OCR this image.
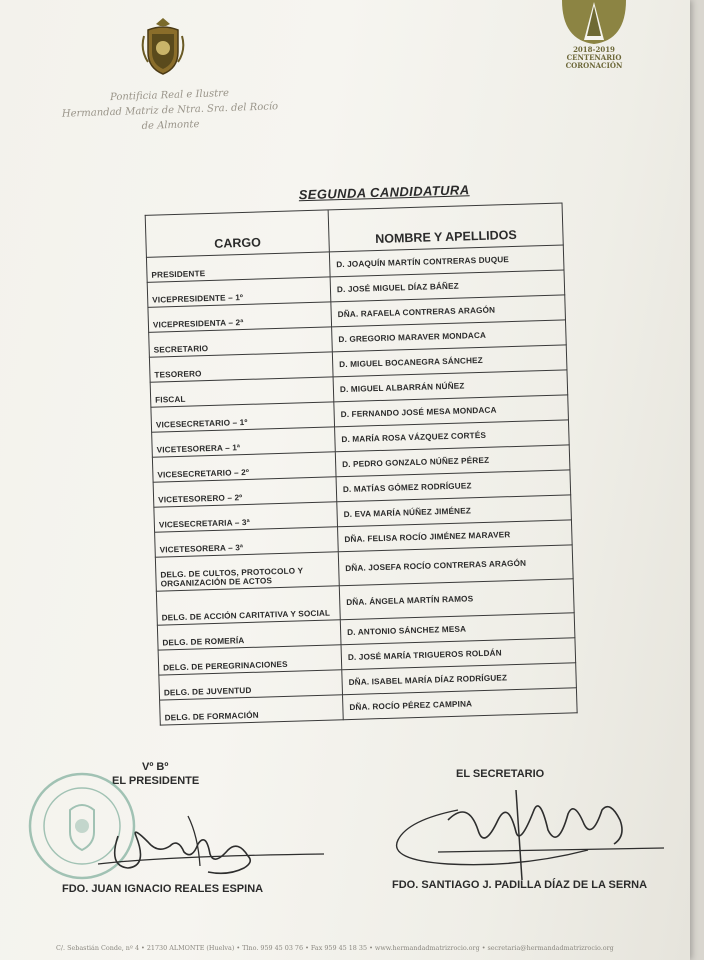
Pontificia Real e Ilustre
Hermandad Matriz de Ntra. Sra. del Rocío
de Almonte
2018-2019
CENTENARIO
CORONACIÓN
SEGUNDA CANDIDATURA
CARGO	NOMBRE Y APELLIDOS
PRESIDENTE	D. JOAQUÍN MARTÍN CONTRERAS DUQUE
VICEPRESIDENTE – 1º	D. JOSÉ MIGUEL DÍAZ BÁÑEZ
VICEPRESIDENTA – 2ª	DÑA. RAFAELA CONTRERAS ARAGÓN
SECRETARIO	D. GREGORIO MARAVER MONDACA
TESORERO	D. MIGUEL BOCANEGRA SÁNCHEZ
FISCAL	D. MIGUEL ALBARRÁN NÚÑEZ
VICESECRETARIO – 1º	D. FERNANDO JOSÉ MESA MONDACA
VICETESORERA – 1ª	D. MARÍA ROSA VÁZQUEZ CORTÉS
VICESECRETARIO – 2º	D. PEDRO GONZALO NÚÑEZ PÉREZ
VICETESORERO – 2º	D. MATÍAS GÓMEZ RODRÍGUEZ
VICESECRETARIA – 3ª	D. EVA MARÍA NÚÑEZ JIMÉNEZ
VICETESORERA – 3ª	DÑA. FELISA ROCÍO JIMÉNEZ MARAVER
DELG. DE CULTOS, PROTOCOLO Y ORGANIZACIÓN DE ACTOS	DÑA. JOSEFA ROCÍO CONTRERAS ARAGÓN
DELG. DE ACCIÓN CARITATIVA Y SOCIAL	DÑA. ÁNGELA MARTÍN RAMOS
DELG. DE ROMERÍA	D. ANTONIO SÁNCHEZ MESA
DELG. DE PEREGRINACIONES	D. JOSÉ MARÍA TRIGUEROS ROLDÁN
DELG. DE JUVENTUD	DÑA. ISABEL MARÍA DÍAZ RODRÍGUEZ
DELG. DE FORMACIÓN	DÑA. ROCÍO PÉREZ CAMPINA
Vº Bº
EL PRESIDENTE
EL SECRETARIO
FDO. JUAN IGNACIO REALES ESPINA	FDO. SANTIAGO J. PADILLA DÍAZ DE LA SERNA
C/. Sebastián Conde, nº 4 • 21730 ALMONTE (Huelva) • Tlno. 959 45 03 76 • Fax 959 45 18 35 • www.hermandadmatrizrocio.org • secretaria@hermandadmatrizrocio.org
